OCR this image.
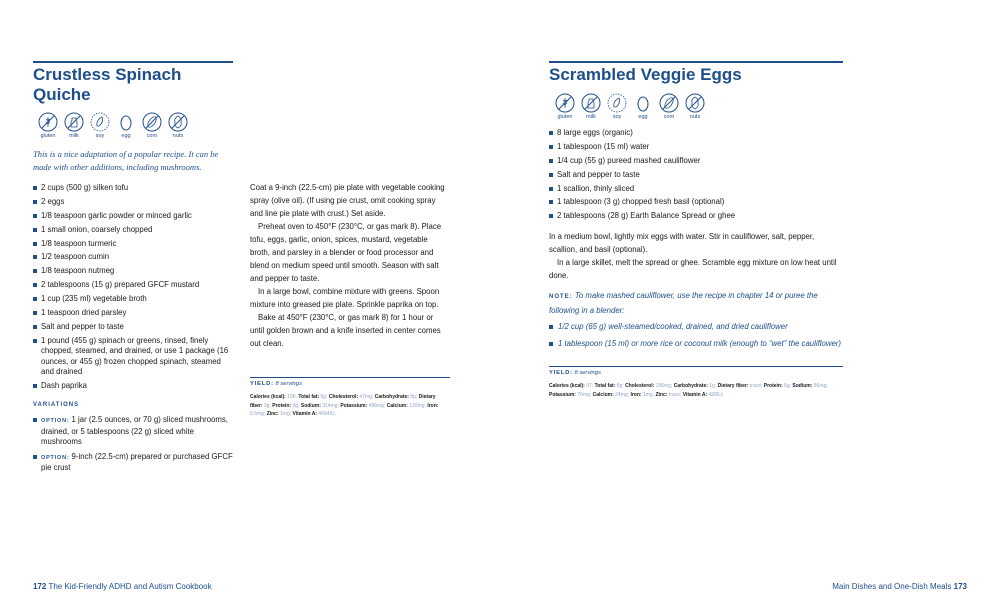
Crustless Spinach
Quiche
gluten milk	soy	egg	corn	nuts

This is a nice adaptation of a popular recipe. It can be made with other additions, including mushrooms.

2 cups (500 g) silken tofu
2 eggs
1/8 teaspoon garlic powder or minced garlic
1 small onion, coarsely chopped
1/8 teaspoon turmeric
1/2 teaspoon cumin
1/8 teaspoon nutmeg
2 tablespoons (15 g) prepared GFCF mustard
1 cup (235 ml) vegetable broth
1 teaspoon dried parsley
Salt and pepper to taste
1 pound (455 g) spinach or greens, rinsed, finely chopped, steamed, and drained, or use 1 package (16 ounces, or 455 g) frozen chopped spinach, steamed and drained
Dash paprika
VARIATIONS
OPTION: 1 jar (2.5 ounces, or 70 g) sliced mushrooms, drained, or 5 tablespoons (22 g) sliced white mushrooms
OPTION: 9-inch (22.5-cm) prepared or purchased GFCF pie crust

Coat a 9-inch (22.5-cm) pie plate with vegetable cooking spray (olive oil). (If using pie crust, omit cooking spray and line pie plate with crust.) Set aside.

Preheat oven to 450°F (230°C, or gas mark 8). Place tofu, eggs, garlic, onion, spices, mustard, vegetable broth, and parsley in a blender or food processor and blend on medium speed until smooth. Season with salt and pepper to taste.

In a large bowl, combine mixture with greens. Spoon mixture into greased pie plate. Sprinkle paprika on top.

Bake at 450°F (230°C, or gas mark 8) for 1 hour or until golden brown and a knife inserted in center comes out clean.

YIELD: 8 servings
Calories (kcal): 106; Total fat: 5g; Cholesterol: 47mg; Carbohydrate: 8g; Dietary fiber: 3g; Protein: 9g; Sodium: 314mg; Potassium: 496mg; Calcium: 139mg; Iron: 6.6mg; Zinc: 1mg; Vitamin A: 4494IU;
172 The Kid-Friendly ADHD and Autism Cookbook
Scrambled Veggie Eggs
gluten milk	soy	egg	corn	nuts
8 large eggs (organic)
1 tablespoon (15 ml) water
1/4 cup (55 g) pureed mashed cauliflower
Salt and pepper to taste
1 scallion, thinly sliced
1 tablespoon (3 g) chopped fresh basil (optional)
2 tablespoons (28 g) Earth Balance Spread or ghee

In a medium bowl, lightly mix eggs with water. Stir in cauliflower, salt, pepper, scallion, and basil (optional).

In a large skillet, melt the spread or ghee. Scramble egg mixture on low heat until done.

NOTE: To make mashed cauliflower, use the recipe in chapter 14 or puree the following in a blender:

1/2 cup (65 g) well-steamed/cooked, drained, and dried cauliflower
1 tablespoon (15 ml) or more rice or coconut milk (enough to “wet” the cauliflower)
YIELD: 8 servings
Calories (kcal): 97; Total fat: 8g; Cholesterol: 196mg; Carbohydrate: 1g; Dietary fiber: trace; Protein: 6g; Sodium: 56mg; Potassium: 70mg; Calcium: 24mg; Iron: 1mg; Zinc: trace; Vitamin A: 428IU;
Main Dishes and One-Dish Meals 173
